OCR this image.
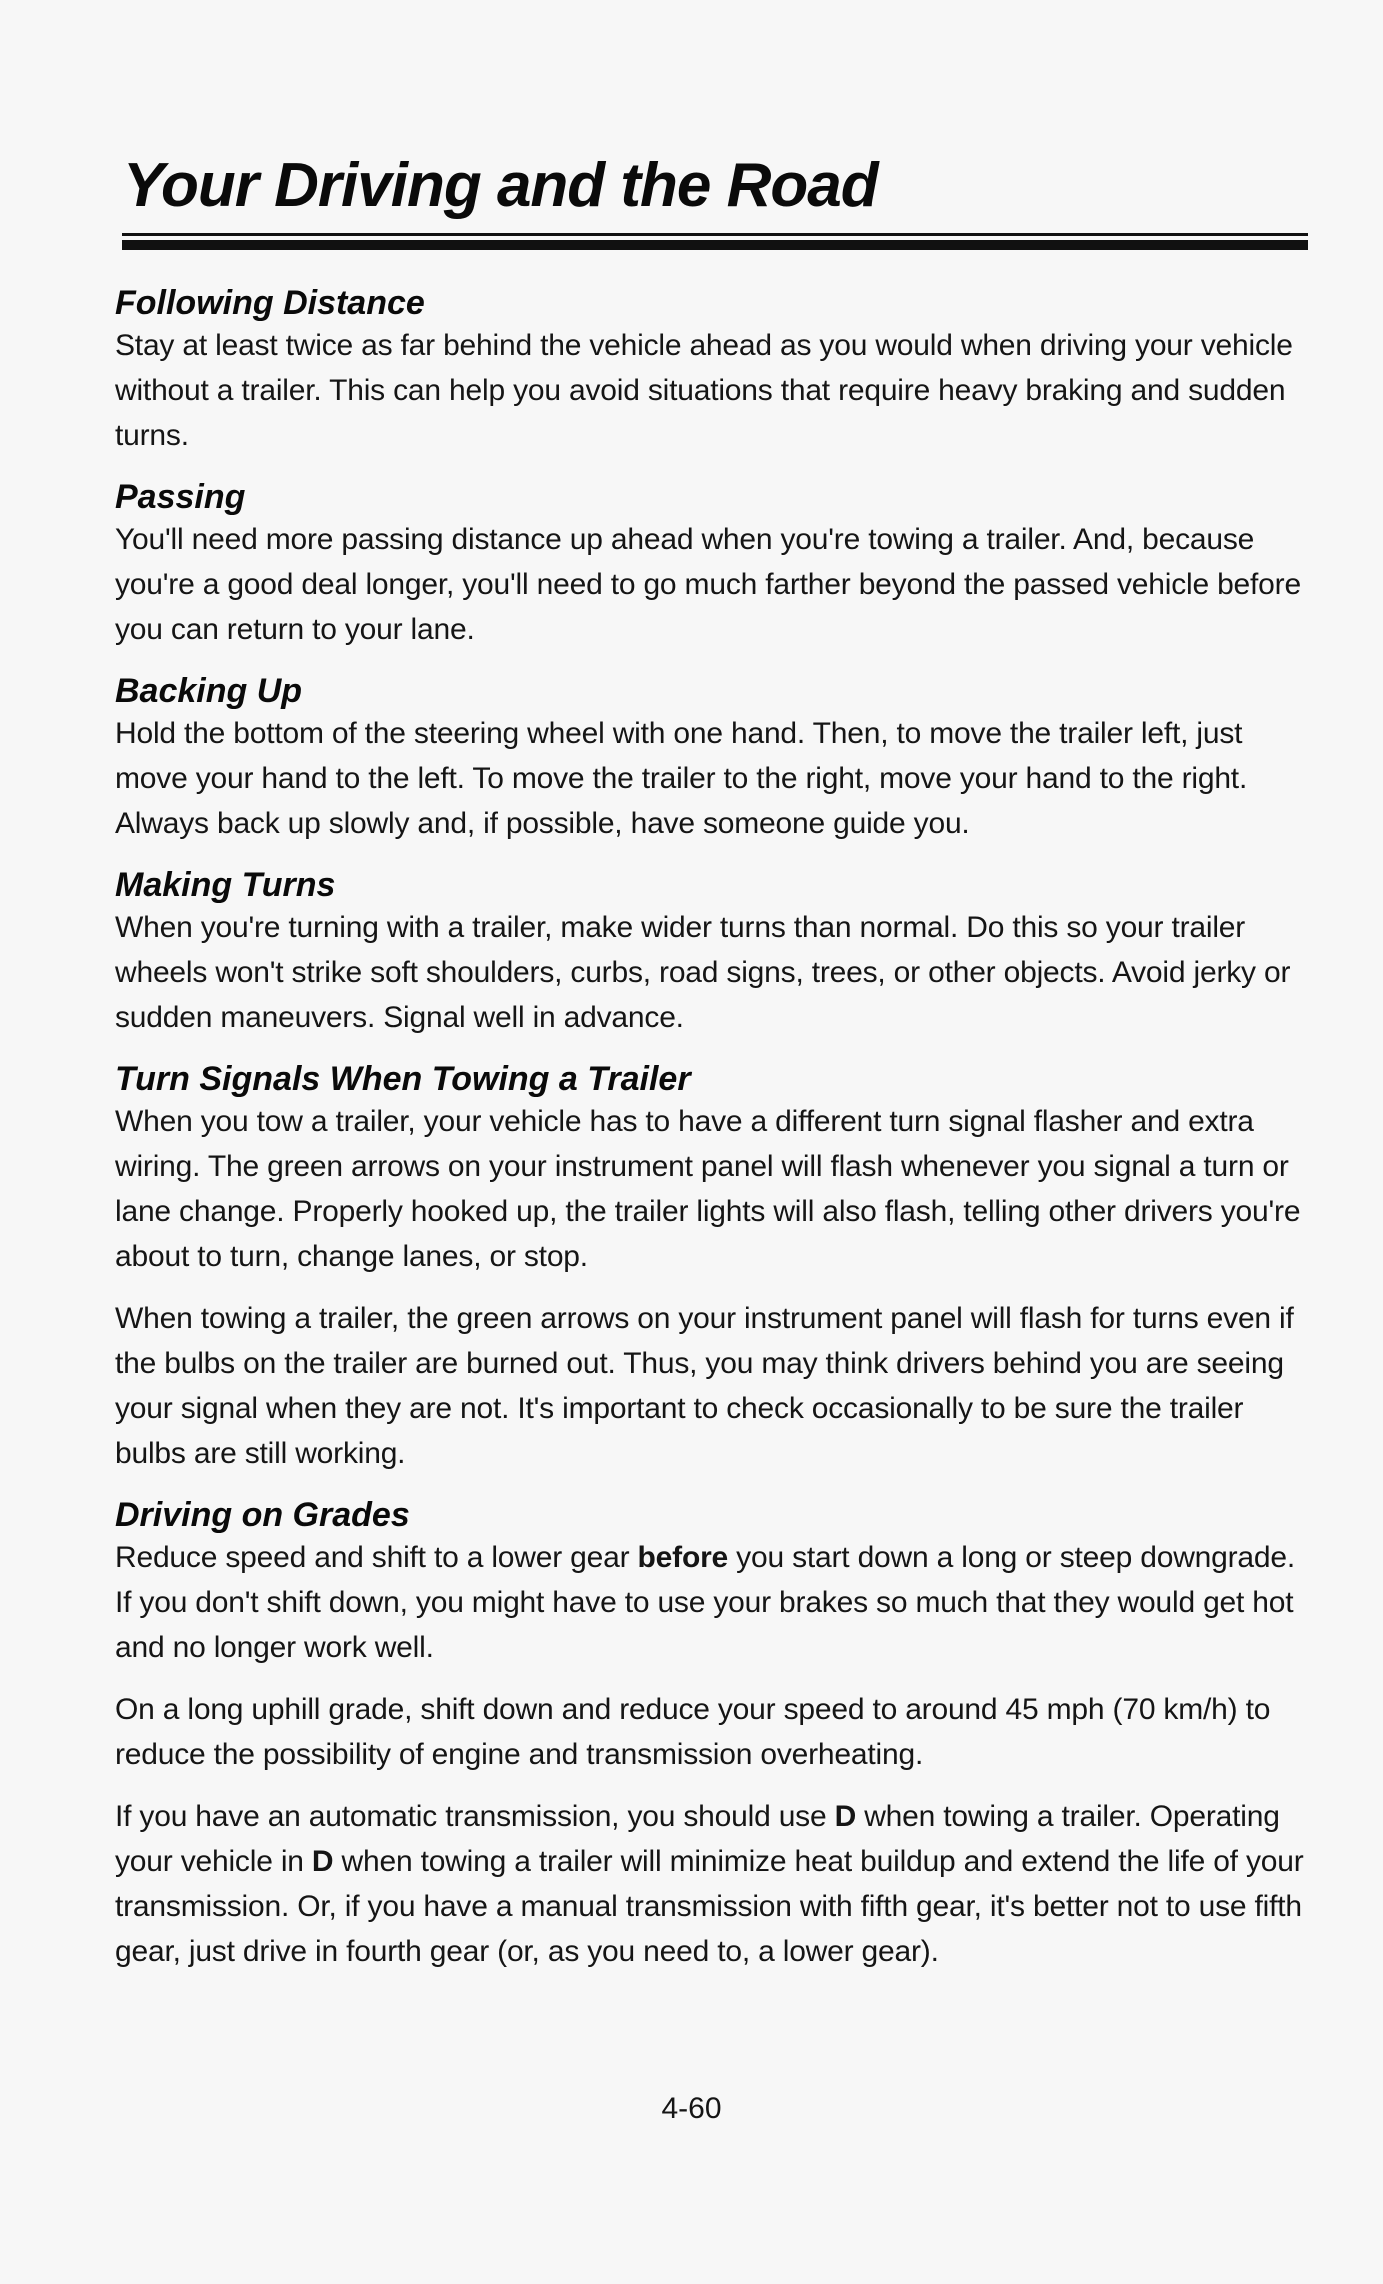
Your Driving and the Road
Following Distance

Stay at least twice as far behind the vehicle ahead as you would when driving your vehicle without a trailer. This can help you avoid situations that require heavy braking and sudden turns.

Passing

You'll need more passing distance up ahead when you're towing a trailer. And, because you're a good deal longer, you'll need to go much farther beyond the passed vehicle before you can return to your lane.

Backing Up

Hold the bottom of the steering wheel with one hand. Then, to move the trailer left, just move your hand to the left. To move the trailer to the right, move your hand to the right. Always back up slowly and, if possible, have someone guide you.

Making Turns

When you're turning with a trailer, make wider turns than normal. Do this so your trailer wheels won't strike soft shoulders, curbs, road signs, trees, or other objects. Avoid jerky or sudden maneuvers. Signal well in advance.

Turn Signals When Towing a Trailer

When you tow a trailer, your vehicle has to have a different turn signal flasher and extra wiring. The green arrows on your instrument panel will flash whenever you signal a turn or lane change. Properly hooked up, the trailer lights will also flash, telling other drivers you're about to turn, change lanes, or stop.

When towing a trailer, the green arrows on your instrument panel will flash for turns even if the bulbs on the trailer are burned out. Thus, you may think drivers behind you are seeing your signal when they are not. It's important to check occasionally to be sure the trailer bulbs are still working.

Driving on Grades

Reduce speed and shift to a lower gear before you start down a long or steep downgrade. If you don't shift down, you might have to use your brakes so much that they would get hot and no longer work well.

On a long uphill grade, shift down and reduce your speed to around 45 mph (70 km/h) to reduce the possibility of engine and transmission overheating.

If you have an automatic transmission, you should use D when towing a trailer. Operating your vehicle in D when towing a trailer will minimize heat buildup and extend the life of your transmission. Or, if you have a manual transmission with fifth gear, it's better not to use fifth gear, just drive in fourth gear (or, as you need to, a lower gear).

4-60
